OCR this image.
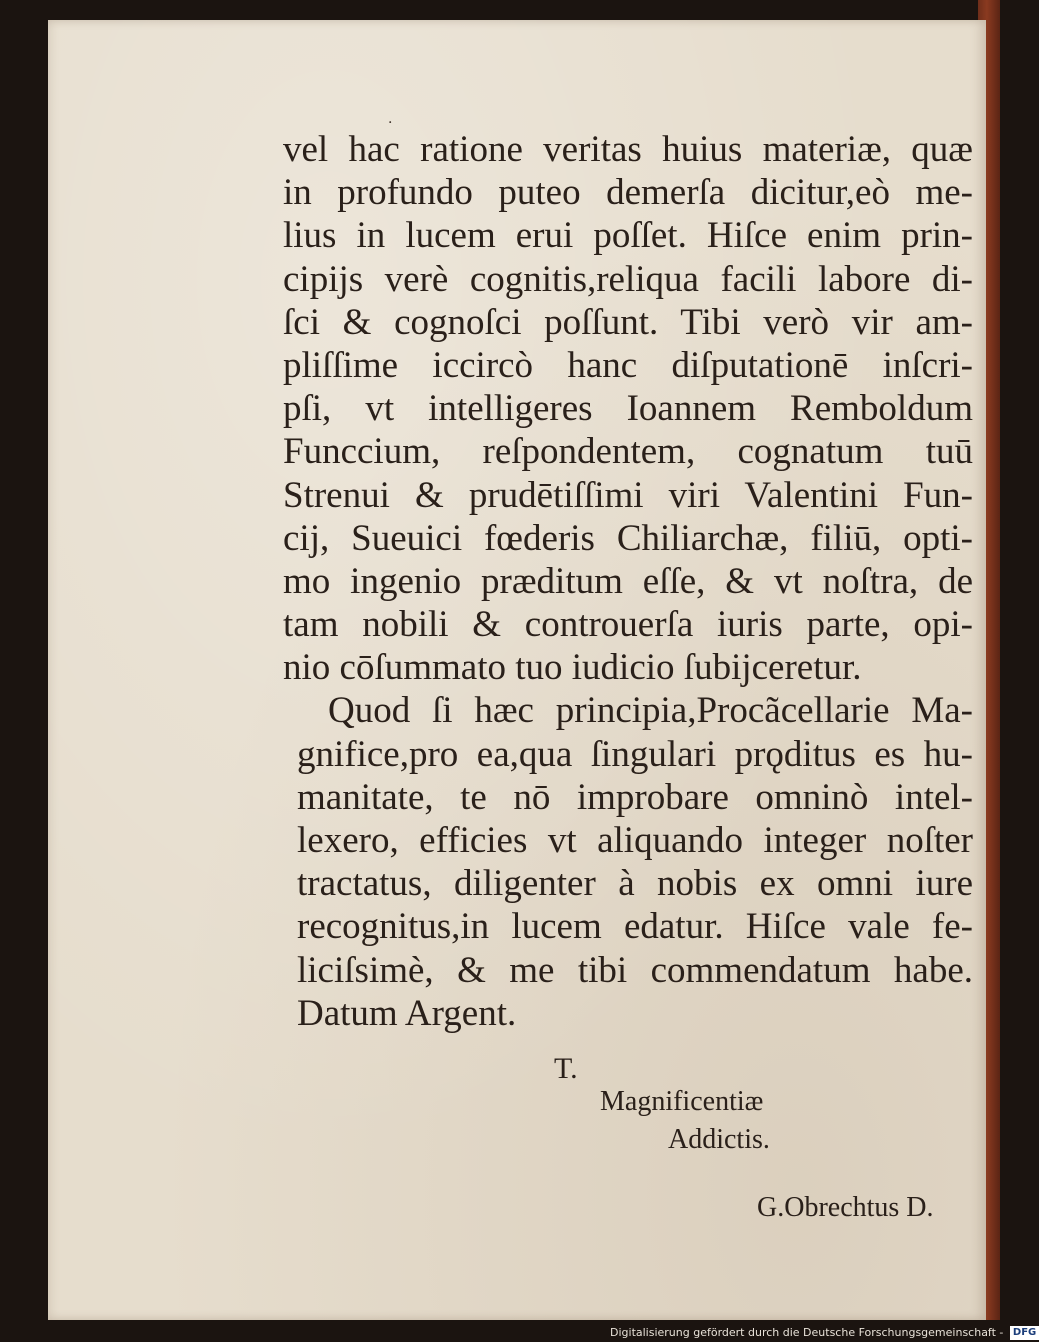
·
vel hac ratione veritas huius materiæ, quæ
in profundo puteo demerſa dicitur,eò me-
lius in lucem erui poſſet. Hiſce enim prin-
cipijs verè cognitis,reliqua facili labore di-
ſci & cognoſci poſſunt. Tibi verò vir am-
pliſſime iccircò hanc diſputationē inſcri-
pſi, vt intelligeres Ioannem Remboldum
Funccium, reſpondentem, cognatum tuū
Strenui & prudētiſſimi viri Valentini Fun-
cij, Sueuici fœderis Chiliarchæ, filiū, opti-
mo ingenio præditum eſſe, & vt noſtra, de
tam nobili & controuerſa iuris parte, opi-
nio cōſummato tuo iudicio ſubijceretur.
Quod ſi hæc principia,Procãcellarie Ma-
gnifice,pro ea,qua ſingulari prǫditus es hu-
manitate, te nō improbare omninò intel-
lexero, efficies vt aliquando integer noſter
tractatus, diligenter à nobis ex omni iure
recognitus,in lucem edatur. Hiſce vale fe-
liciſsimè, & me tibi commendatum habe.
Datum Argent.
T.
Magnificentiæ
Addictis.
G.Obrechtus D.
Digitalisierung gefördert durch die Deutsche Forschungsgemeinschaft - DFG
